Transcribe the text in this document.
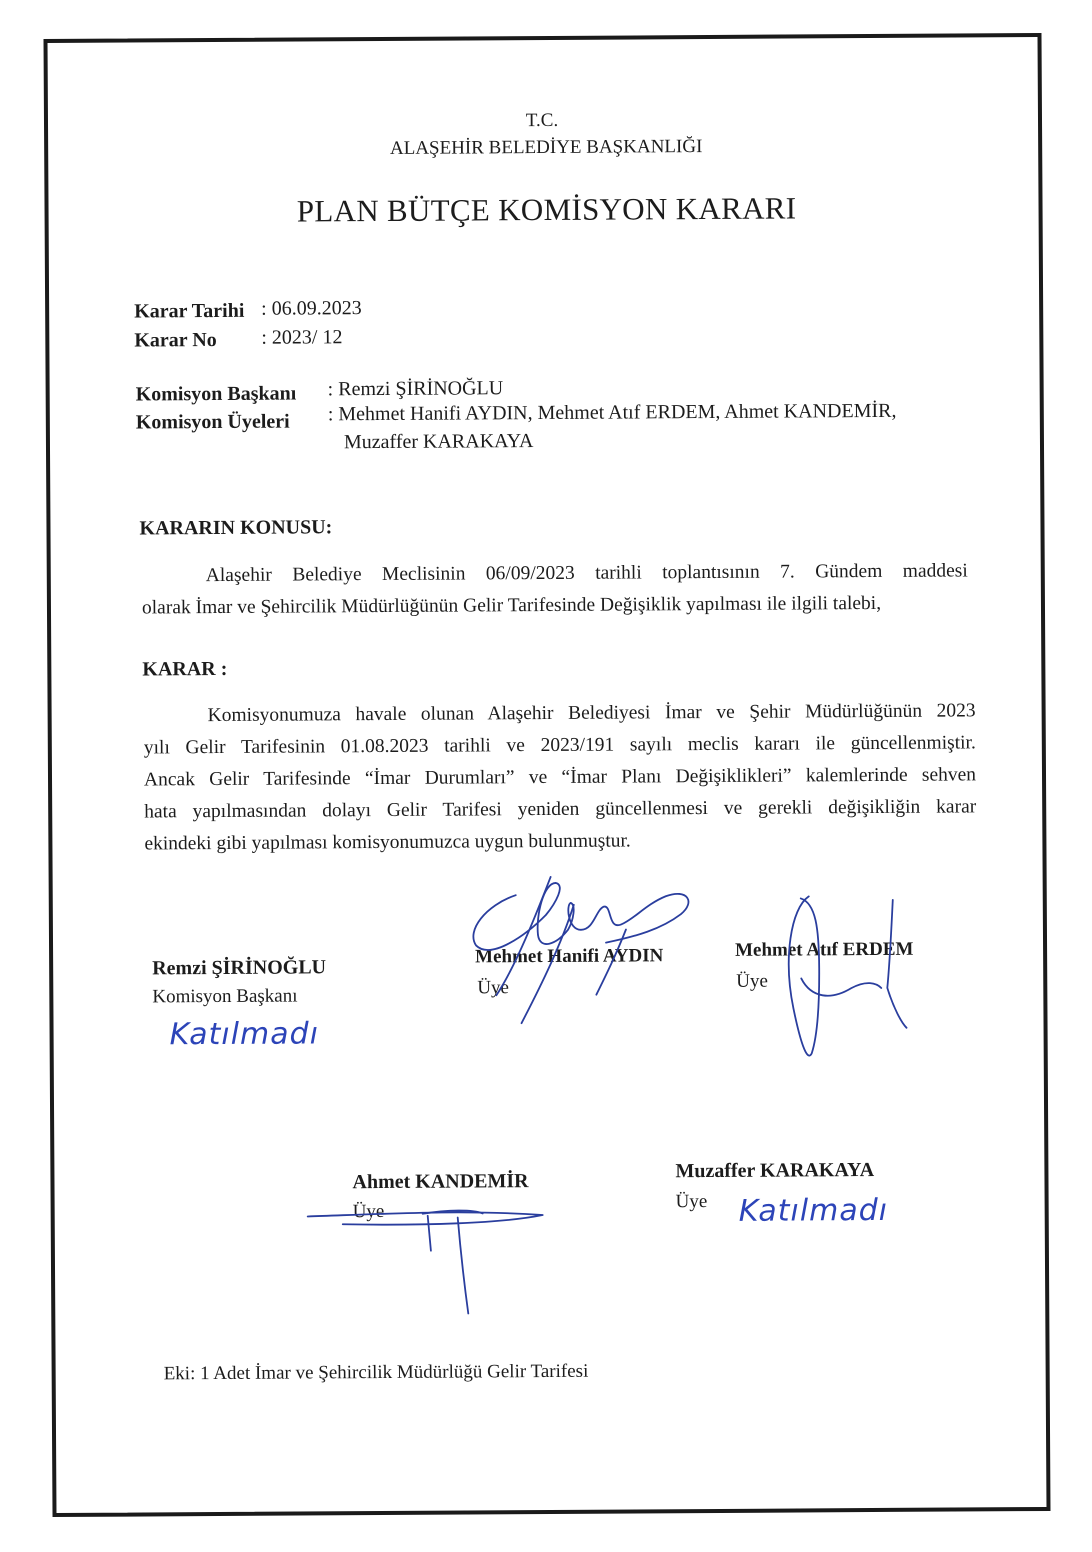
T.C.
ALAŞEHİR BELEDİYE BAŞKANLIĞI
PLAN BÜTÇE KOMİSYON KARARI
Karar Tarihi : 06.09.2023
Karar No : 2023/ 12
Komisyon Başkanı : Remzi ŞİRİNOĞLU
Komisyon Üyeleri : Mehmet Hanifi AYDIN, Mehmet Atıf ERDEM, Ahmet KANDEMİR,
Muzaffer KARAKAYA
KARARIN KONUSU:
Alaşehir Belediye Meclisinin 06/09/2023 tarihli toplantısının 7. Gündem maddesi
olarak İmar ve Şehircilik Müdürlüğünün Gelir Tarifesinde Değişiklik yapılması ile ilgili talebi,
KARAR :
Komisyonumuza havale olunan Alaşehir Belediyesi İmar ve Şehir Müdürlüğünün 2023
yılı Gelir Tarifesinin 01.08.2023 tarihli ve 2023/191 sayılı meclis kararı ile güncellenmiştir.
Ancak Gelir Tarifesinde “İmar Durumları” ve “İmar Planı Değişiklikleri” kalemlerinde sehven
hata yapılmasından dolayı Gelir Tarifesi yeniden güncellenmesi ve gerekli değişikliğin karar
ekindeki gibi yapılması komisyonumuzca uygun bulunmuştur.
Remzi ŞİRİNOĞLU
Komisyon Başkanı
Katılmadı
Mehmet Hanifi AYDIN
Üye
Mehmet Atıf ERDEM
Üye
Ahmet KANDEMİR
Üye
Muzaffer KARAKAYA
Üye Katılmadı
Eki: 1 Adet İmar ve Şehircilik Müdürlüğü Gelir Tarifesi
